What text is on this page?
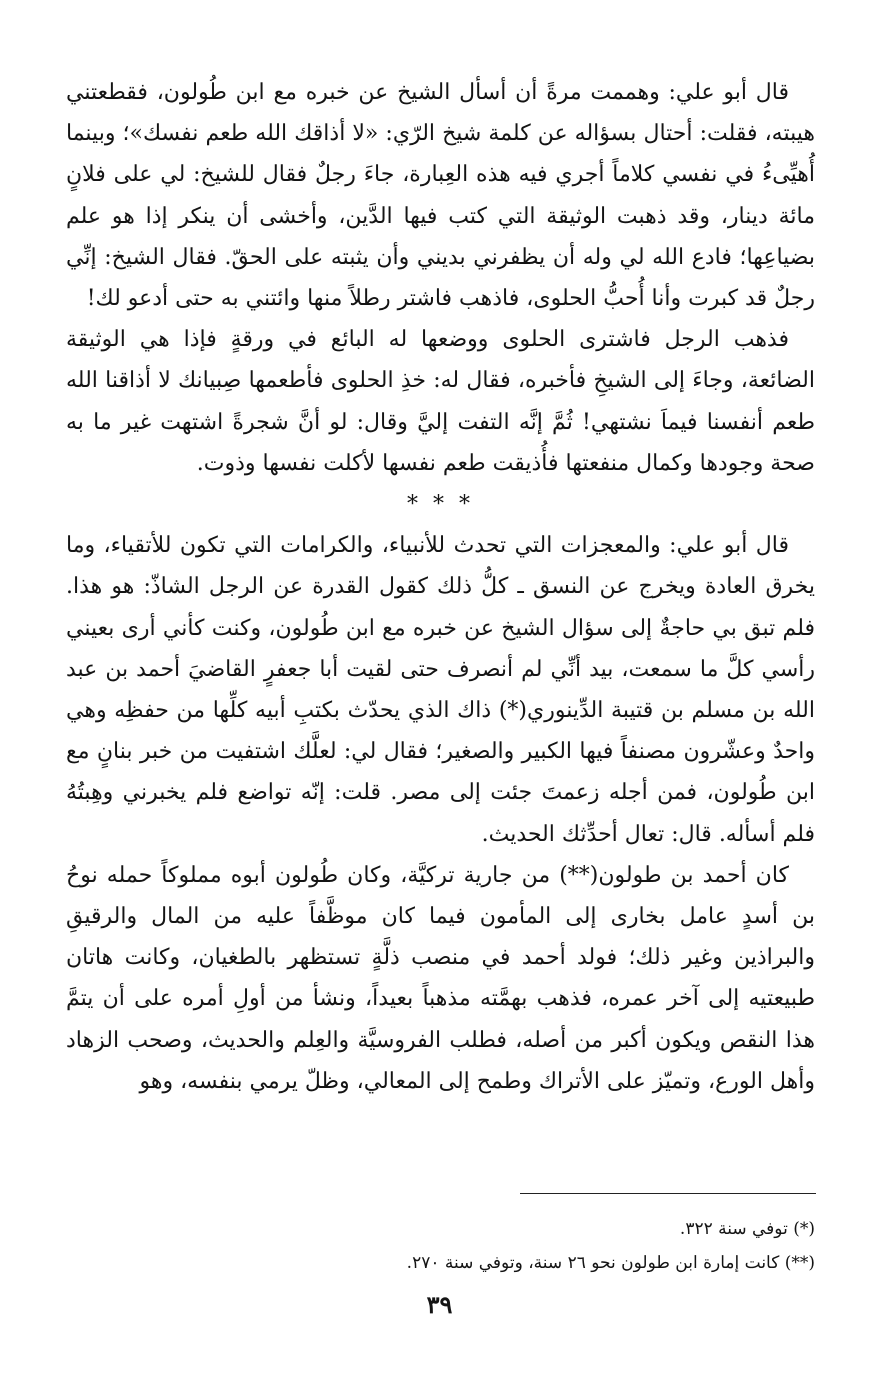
قال أبو علي: وهممت مرةً أن أسأل الشيخ عن خبره مع ابن طُولون، فقطعتني هيبته، فقلت: أحتال بسؤاله عن كلمة شيخ الرّي: «لا أذاقك الله طعم نفسك»؛ وبينما أُهيِّىءُ في نفسي كلاماً أجري فيه هذه العِبارة، جاءَ رجلٌ فقال للشيخ: لي على فلانٍ مائة دينار، وقد ذهبت الوثيقة التي كتب فيها الدَّين، وأخشى أن ينكر إذا هو علم بضياعِها؛ فادع الله لي وله أن يظفرني بديني وأن يثبته على الحقّ. فقال الشيخ: إنِّي رجلٌ قد كبرت وأنا أُحبُّ الحلوى، فاذهب فاشتر رطلاً منها وائتني به حتى أدعو لك!

فذهب الرجل فاشترى الحلوى ووضعها له البائع في ورقةٍ فإذا هي الوثيقة الضائعة، وجاءَ إلى الشيخِ فأخبره، فقال له: خذِ الحلوى فأطعمها صِبيانك لا أذاقنا الله طعم أنفسنا فيماَ نشتهي! ثُمَّ إنَّه التفت إليَّ وقال: لو أنَّ شجرةً اشتهت غير ما به صحة وجودها وكمال منفعتها فأُذيقت طعم نفسها لأكلت نفسها وذوت.

* * *

قال أبو علي: والمعجزات التي تحدث للأنبياء، والكرامات التي تكون للأتقياء، وما يخرق العادة ويخرج عن النسق ـ كلُّ ذلك كقول القدرة عن الرجل الشاذّ: هو هذا. فلم تبق بي حاجةٌ إلى سؤال الشيخ عن خبره مع ابن طُولون، وكنت كأني أرى بعيني رأسي كلَّ ما سمعت، بيد أنِّي لم أنصرف حتى لقيت أبا جعفرٍ القاضيَ أحمد بن عبد الله بن مسلم بن قتيبة الدِّينوري(*) ذاك الذي يحدّث بكتبِ أبيه كلِّها من حفظِه وهي واحدٌ وعشّرون مصنفاً فيها الكبير والصغير؛ فقال لي: لعلَّك اشتفيت من خبر بنانٍ مع ابن طُولون، فمن أجله زعمتَ جئت إلى مصر. قلت: إنّه تواضع فلم يخبرني وهِبتُهُ فلم أسأله. قال: تعال أحدِّثك الحديث.

كان أحمد بن طولون(**) من جارية تركيَّة، وكان طُولون أبوه مملوكاً حمله نوحُ بن أسدٍ عامل بخارى إلى المأمون فيما كان موظَّفاً عليه من المال والرقيقِ والبراذين وغير ذلك؛ فولد أحمد في منصب ذلَّةٍ تستظهر بالطغيان، وكانت هاتان طبيعتيه إلى آخر عمره، فذهب بهمَّته مذهباً بعيداً، ونشأ من أولِ أمره على أن يتمَّ هذا النقص ويكون أكبر من أصله، فطلب الفروسيَّة والعِلم والحديث، وصحب الزهاد وأهل الورع، وتميّز على الأتراك وطمح إلى المعالي، وظلّ يرمي بنفسه، وهو

(*) توفي سنة ٣٢٢.

(**) كانت إمارة ابن طولون نحو ٢٦ سنة، وتوفي سنة ٢٧٠.

٣٩
